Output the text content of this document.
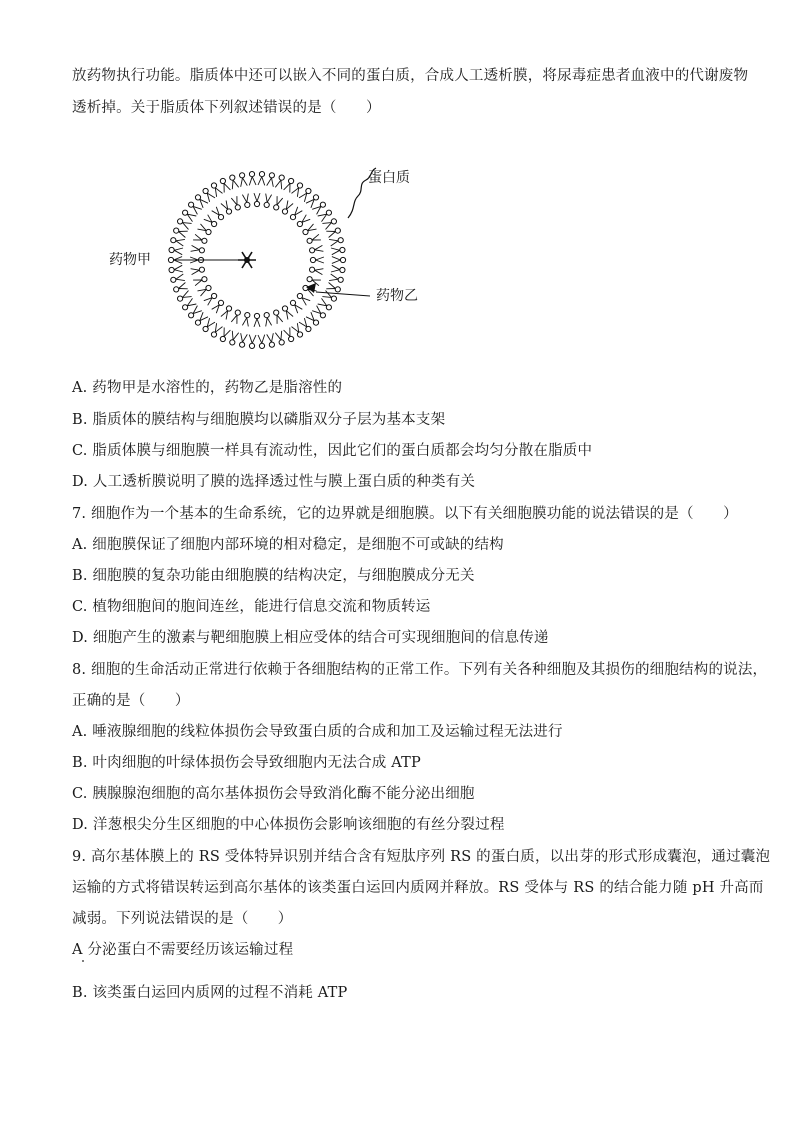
放药物执行功能。脂质体中还可以嵌入不同的蛋白质，合成人工透析膜，将尿毒症患者血液中的代谢废物
透析掉。关于脂质体下列叙述错误的是（　　）
蛋白质
药物甲
药物乙
A. 药物甲是水溶性的，药物乙是脂溶性的
B. 脂质体的膜结构与细胞膜均以磷脂双分子层为基本支架
C. 脂质体膜与细胞膜一样具有流动性，因此它们的蛋白质都会均匀分散在脂质中
D. 人工透析膜说明了膜的选择透过性与膜上蛋白质的种类有关
7. 细胞作为一个基本的生命系统，它的边界就是细胞膜。以下有关细胞膜功能的说法错误的是（　　）
A. 细胞膜保证了细胞内部环境的相对稳定，是细胞不可或缺的结构
B. 细胞膜的复杂功能由细胞膜的结构决定，与细胞膜成分无关
C. 植物细胞间的胞间连丝，能进行信息交流和物质转运
D. 细胞产生的激素与靶细胞膜上相应受体的结合可实现细胞间的信息传递
8. 细胞的生命活动正常进行依赖于各细胞结构的正常工作。下列有关各种细胞及其损伤的细胞结构的说法，
正确的是（　　）
A. 唾液腺细胞的线粒体损伤会导致蛋白质的合成和加工及运输过程无法进行
B. 叶肉细胞的叶绿体损伤会导致细胞内无法合成 ATP
C. 胰腺腺泡细胞的高尔基体损伤会导致消化酶不能分泌出细胞
D. 洋葱根尖分生区细胞的中心体损伤会影响该细胞的有丝分裂过程
9. 高尔基体膜上的 RS 受体特异识别并结合含有短肽序列 RS 的蛋白质，以出芽的形式形成囊泡，通过囊泡
运输的方式将错误转运到高尔基体的该类蛋白运回内质网并释放。RS 受体与 RS 的结合能力随 pH 升高而
减弱。下列说法错误的是（　　）
A 分泌蛋白不需要经历该运输过程
B. 该类蛋白运回内质网的过程不消耗 ATP
